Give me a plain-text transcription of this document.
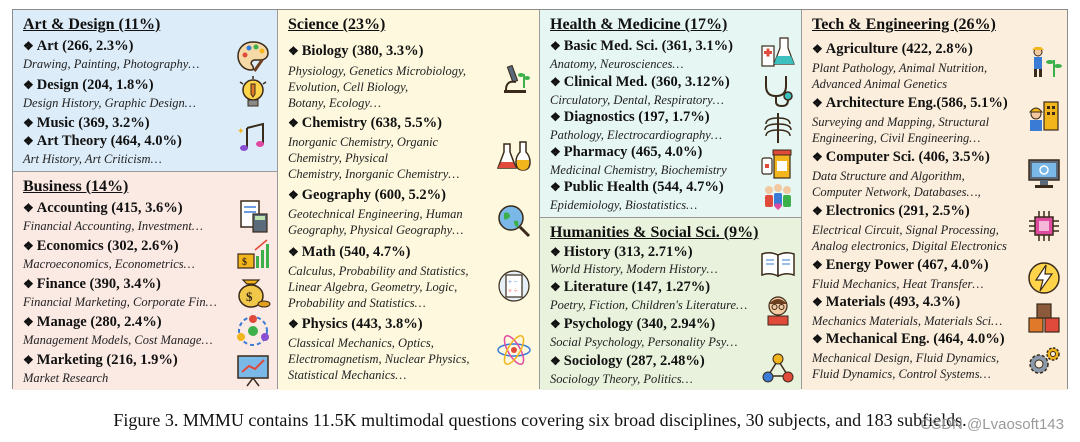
Art & Design (11%)
❖ Art (266, 2.3%)
Drawing, Painting, Photography…
❖ Design (204, 1.8%)
Design History, Graphic Design…
❖ Music (369, 3.2%)
❖ Art Theory (464, 4.0%)
Art History, Art Criticism…
✦
Business (14%)
❖ Accounting (415, 3.6%)
Financial Accounting, Investment…
❖ Economics (302, 2.6%)
Macroeconomics, Econometrics…
❖ Finance (390, 3.4%)
Financial Marketing, Corporate Fin…
❖ Manage (280, 2.4%)
Management Models, Cost Manage…
❖ Marketing (216, 1.9%)
Market Research
$
$
Science (23%)
❖ Biology (380, 3.3%)
Physiology, Genetics Microbiology,
Evolution, Cell Biology,
Botany, Ecology…
❖ Chemistry (638, 5.5%)
Inorganic Chemistry, Organic
Chemistry, Physical
Chemistry, Inorganic Chemistry…
❖ Geography (600, 5.2%)
Geotechnical Engineering, Human
Geography, Physical Geography…
❖ Math (540, 4.7%)
Calculus, Probability and Statistics,
Linear Algebra, Geometry, Logic,
Probability and Statistics…
❖ Physics (443, 3.8%)
Classical Mechanics, Optics,
Electromagnetism, Nuclear Physics,
Statistical Mechanics…
+ −
× ÷
Health & Medicine (17%)
❖ Basic Med. Sci. (361, 3.1%)
Anatomy, Neurosciences…
❖ Clinical Med. (360, 3.12%)
Circulatory, Dental, Respiratory…
❖ Diagnostics (197, 1.7%)
Pathology, Electrocardiography…
❖ Pharmacy (465, 4.0%)
Medicinal Chemistry, Biochemistry
❖ Public Health (544, 4.7%)
Epidemiology, Biostatistics…
Humanities & Social Sci. (9%)
❖ History (313, 2.71%)
World History, Modern History…
❖ Literature (147, 1.27%)
Poetry, Fiction, Children's Literature…
❖ Psychology (340, 2.94%)
Social Psychology, Personality Psy…
❖ Sociology (287, 2.48%)
Sociology Theory, Politics…
Tech & Engineering (26%)
❖ Agriculture (422, 2.8%)
Plant Pathology, Animal Nutrition,
Advanced Animal Genetics
❖ Architecture Eng.(586, 5.1%)
Surveying and Mapping, Structural
Engineering, Civil Engineering…
❖ Computer Sci. (406, 3.5%)
Data Structure and Algorithm,
Computer Network, Databases…,
❖ Electronics (291, 2.5%)
Electrical Circuit, Signal Processing,
Analog electronics, Digital Electronics
❖ Energy Power (467, 4.0%)
Fluid Mechanics, Heat Transfer…
❖ Materials (493, 4.3%)
Mechanics Materials, Materials Sci…
❖ Mechanical Eng. (464, 4.0%)
Mechanical Design, Fluid Dynamics,
Fluid Dynamics, Control Systems…
Figure 3. MMMU contains 11.5K multimodal questions covering six broad disciplines, 30 subjects, and 183 subfields.
CSDN @Lvaosoft143
